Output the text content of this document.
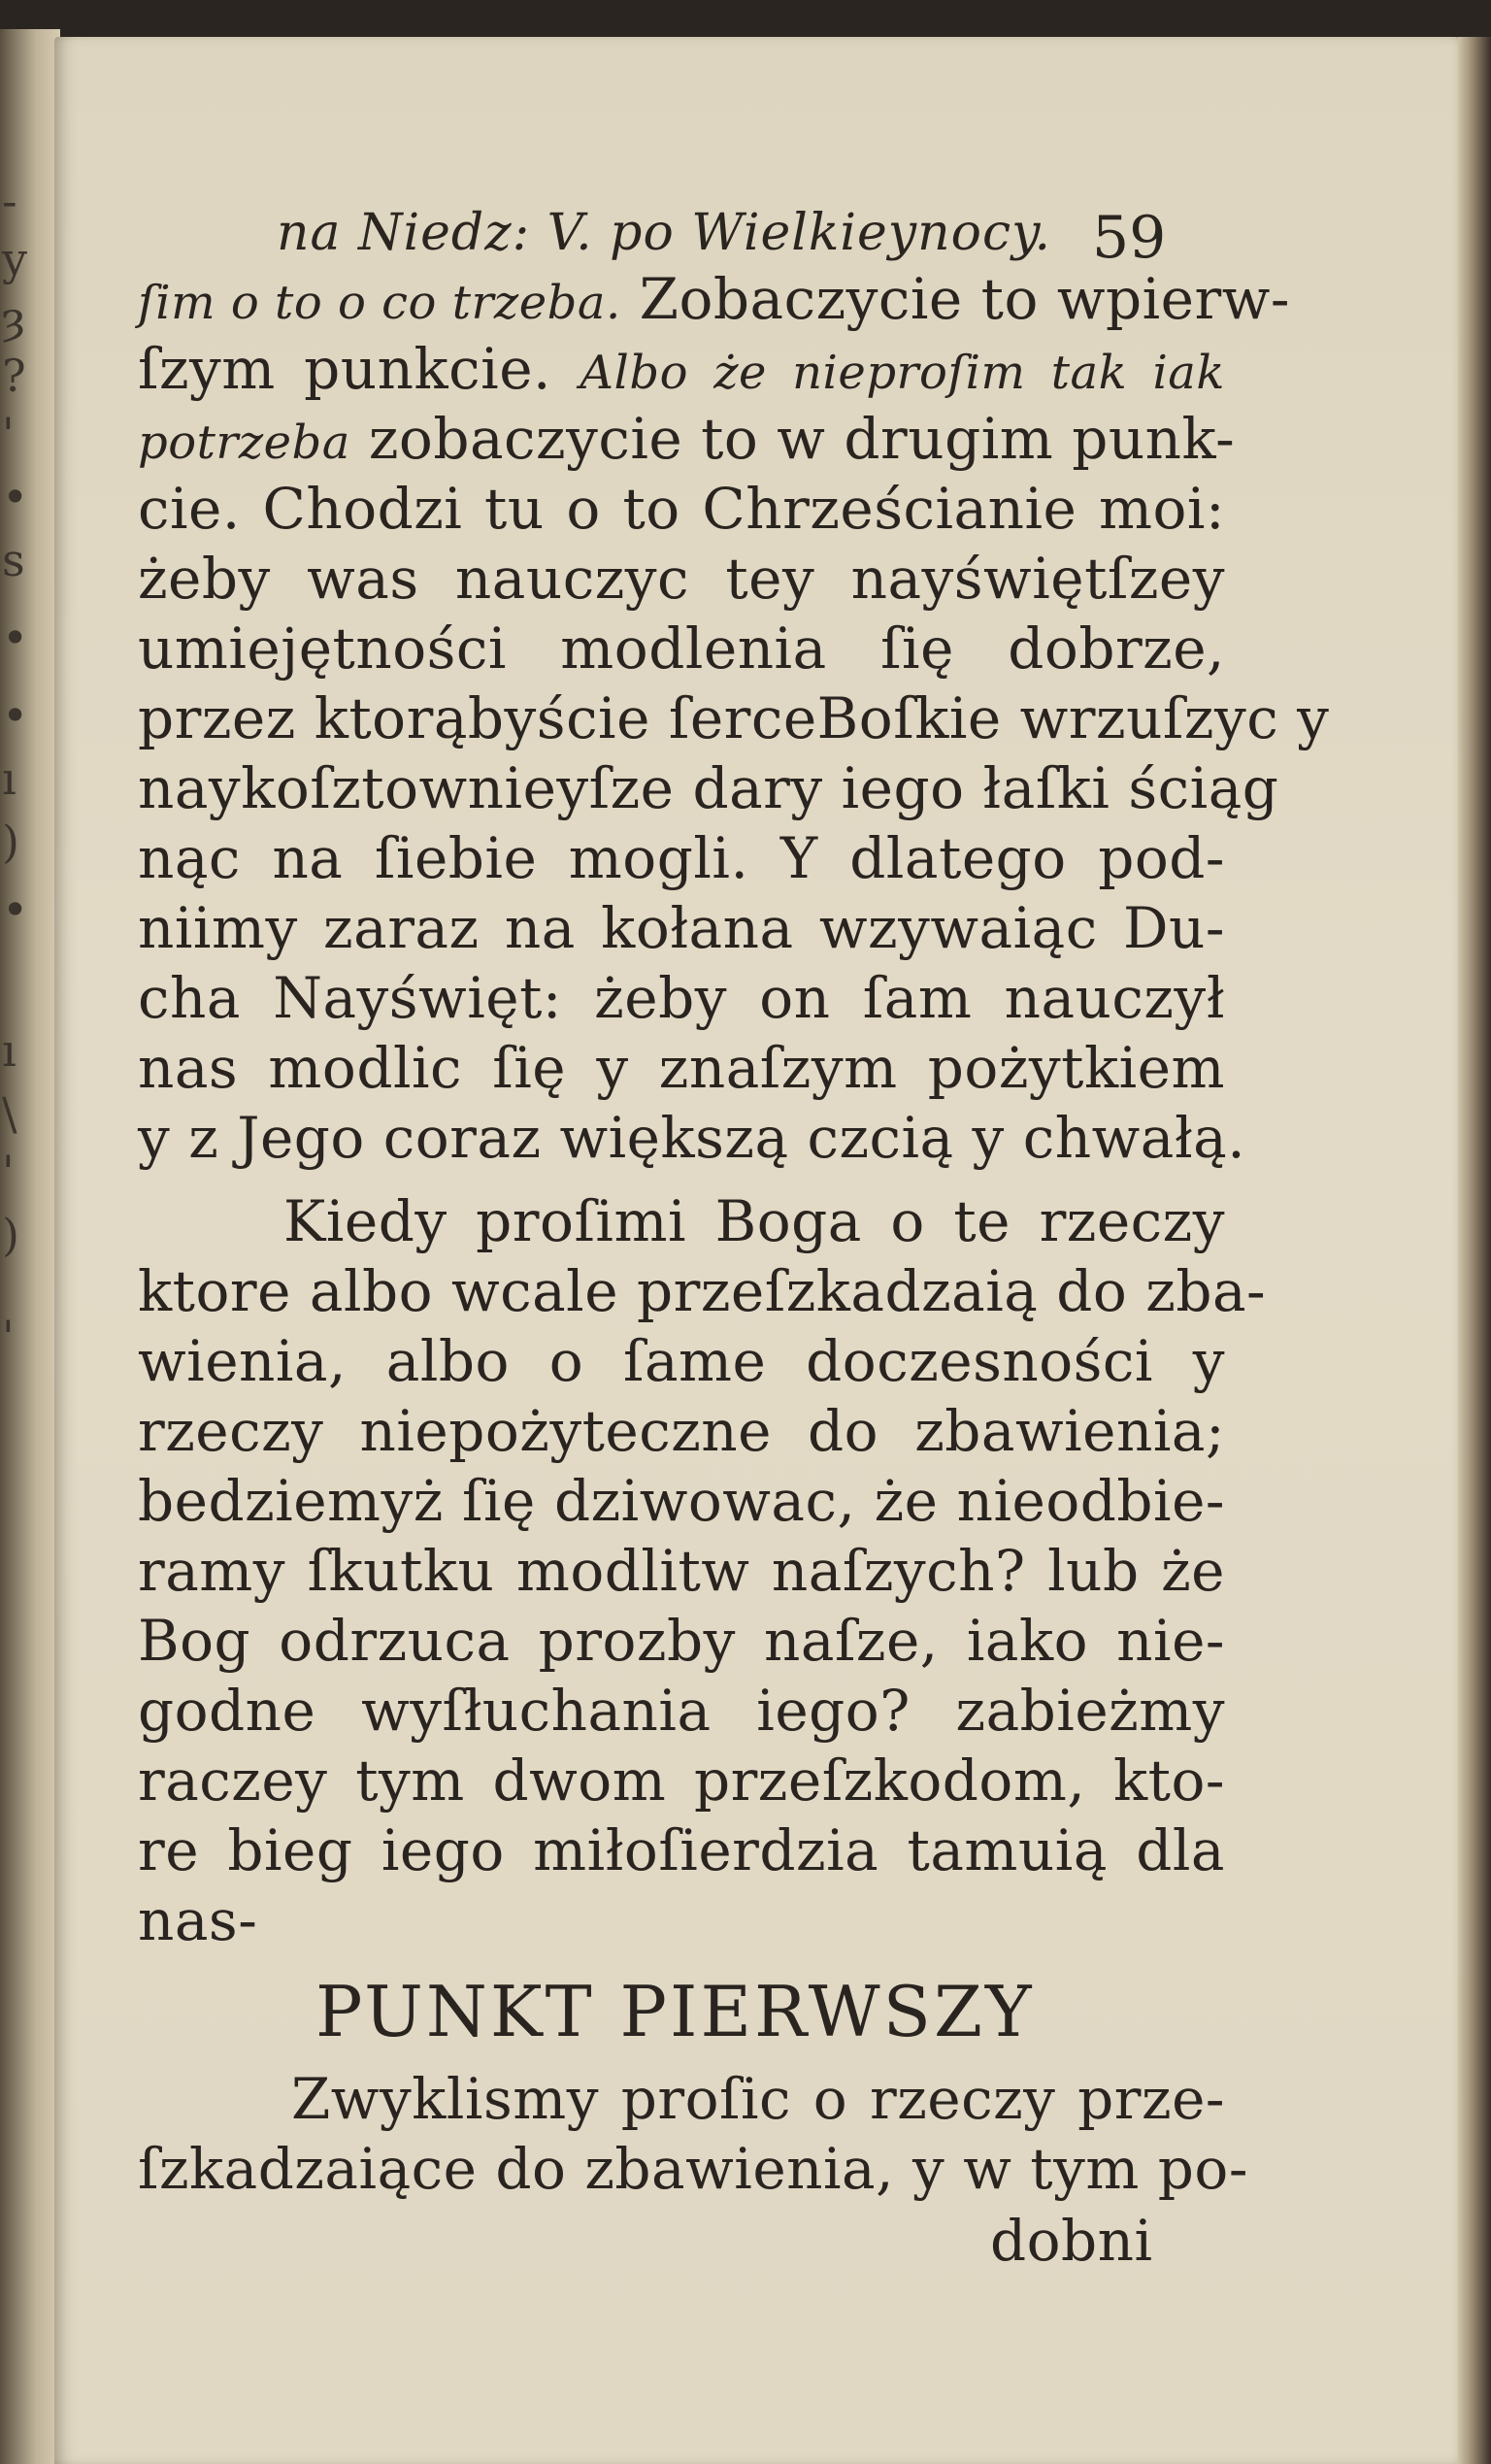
-
y
ȝ
?
'
•
s
•
•
ı
)
•
ı
\
'
)
'
na Niedz: V. po Wielkieynocy. 59
ſim o to o co trzeba. Zobaczycie to wpierw-
ſzym punkcie. Albo że nieproſim tak iak
potrzeba zobaczycie to w drugim punk-
cie. Chodzi tu o to Chrześcianie moi:
żeby was nauczyc tey nayświętſzey
umiejętności modlenia ſię dobrze,
przez ktorąbyście ſerceBoſkie wrzuſzyc y
naykoſztownieyſze dary iego łaſki ściąg
nąc na ſiebie mogli. Y dlatego pod-
niimy zaraz na kołana wzywaiąc Du-
cha Nayświęt: żeby on ſam nauczył
nas modlic ſię y znaſzym pożytkiem
y z Jego coraz większą czcią y chwałą.
Kiedy proſimi Boga o te rzeczy
ktore albo wcale przeſzkadzaią do zba-
wienia, albo o ſame doczesności y
rzeczy niepożyteczne do zbawienia;
bedziemyż ſię dziwowac, że nieodbie-
ramy ſkutku modlitw naſzych? lub że
Bog odrzuca prozby naſze, iako nie-
godne wyſłuchania iego? zabieżmy
raczey tym dwom przeſzkodom, kto-
re bieg iego miłoſierdzia tamuią dla
nas-
PUNKT PIERWSZY
Zwyklismy proſic o rzeczy prze-
ſzkadzaiące do zbawienia, y w tym po-
dobni
